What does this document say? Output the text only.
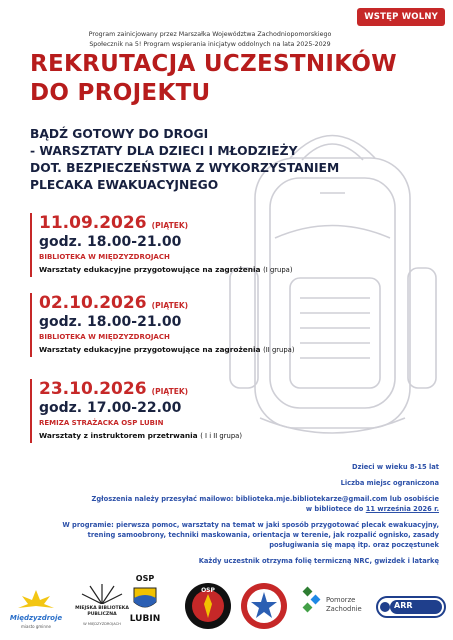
WSTĘP WOLNY
Program zainicjowany przez Marszałka Województwa Zachodniopomorskiego
Społecznik na 5! Program wspierania inicjatyw oddolnych na lata 2025-2029
REKRUTACJA UCZESTNIKÓW
DO PROJEKTU
BĄDŹ GOTOWY DO DROGI
- WARSZTATY DLA DZIECI I MŁODZIEŻY
DOT. BEZPIECZEŃSTWA Z WYKORZYSTANIEM
PLECAKA EWAKUACYJNEGO
11.09.2026 (PIĄTEK)
godz. 18.00-21.00
BIBLIOTEKA W MIĘDZYZDROJACH
Warsztaty edukacyjne przygotowujące na zagrożenia (I grupa)
02.10.2026 (PIĄTEK)
godz. 18.00-21.00
BIBLIOTEKA W MIĘDZYZDROJACH
Warsztaty edukacyjne przygotowujące na zagrożenia (II grupa)
23.10.2026 (PIĄTEK)
godz. 17.00-22.00
REMIZA STRAŻACKA OSP LUBIN
Warsztaty z instruktorem przetrwania ( I i II grupa)

Dzieci w wieku 8-15 lat

Liczba miejsc ograniczona

Zgłoszenia należy przesyłać mailowo: biblioteka.mje.bibliotekarze@gmail.com lub osobiście
w bibliotece do 11 września 2026 r.

W programie: pierwsza pomoc, warsztaty na temat w jaki sposób przygotować plecak ewakuacyjny,
trening samoobrony, techniki maskowania, orientacja w terenie, jak rozpalić ognisko, zasady
posługiwania się mapą itp. oraz poczęstunek

Każdy uczestnik otrzyma folię termiczną NRC, gwizdek i latarkę

Międzyzdroje
miasto gminne
MIEJSKA BIBLIOTEKA PUBLICZNA
W MIĘDZYZDROJACH
OSP
LUBIN
OSP
Pomorze
Zachodnie	ARR
